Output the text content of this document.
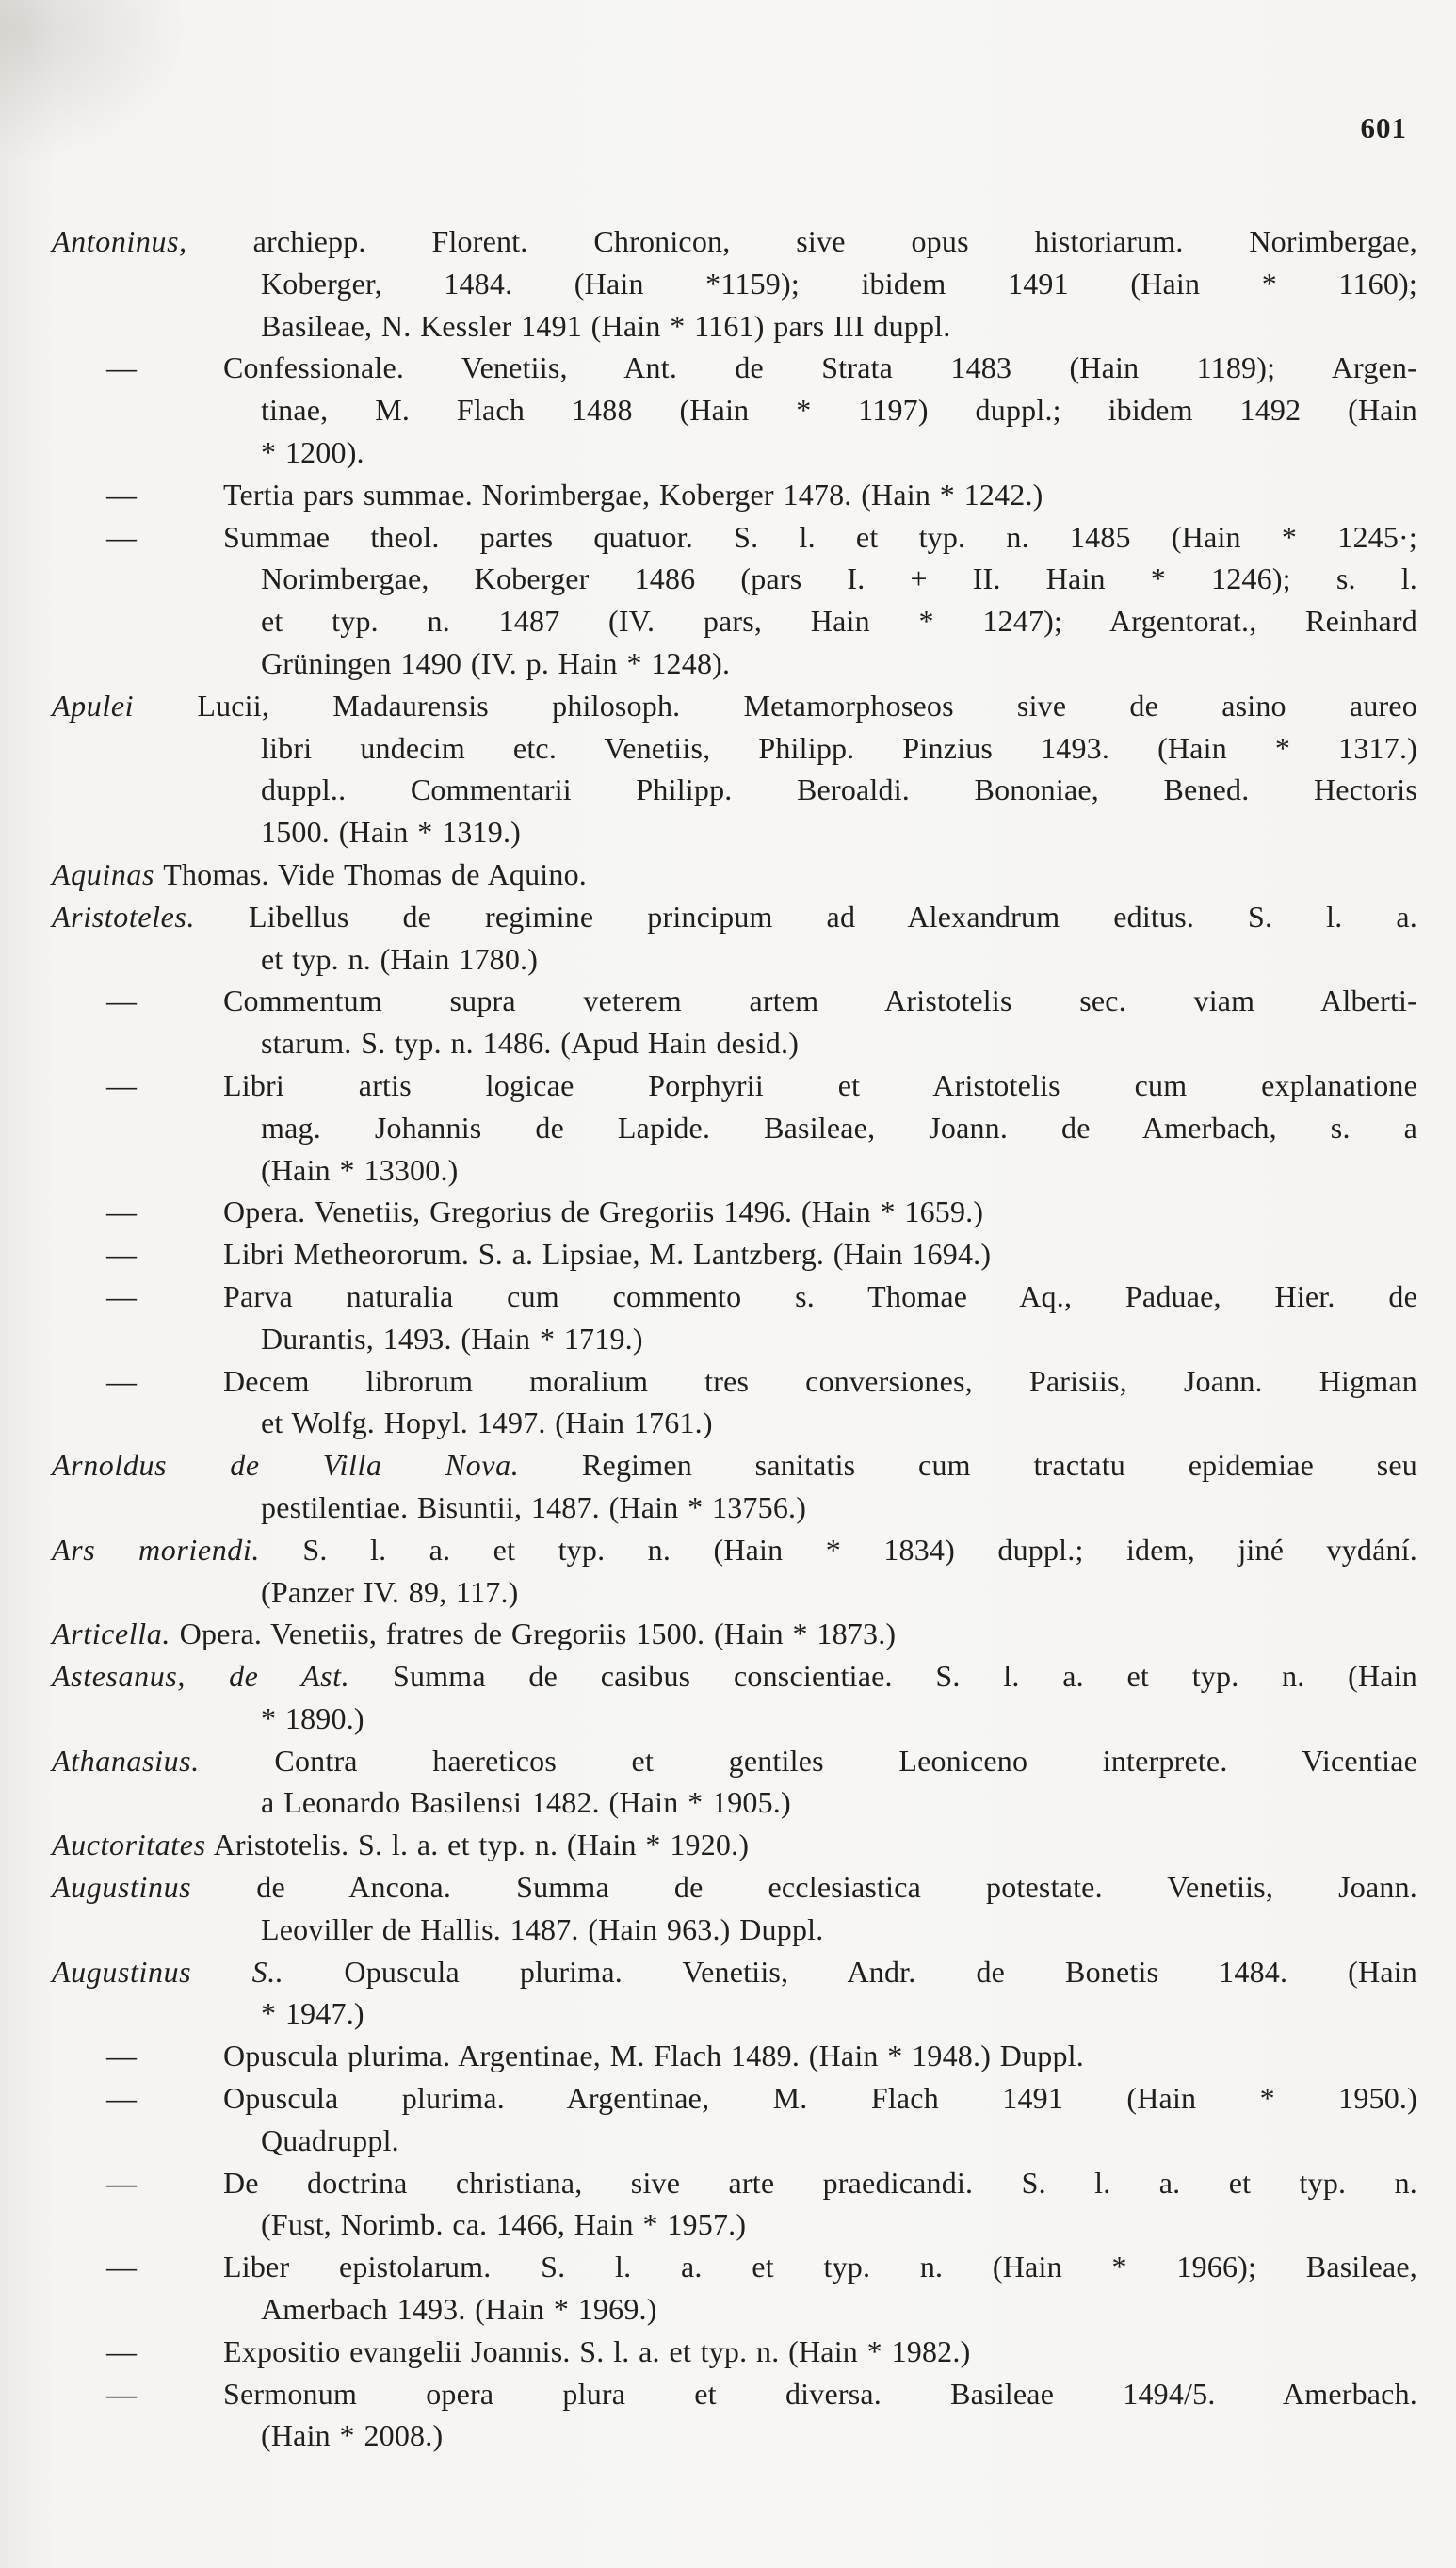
601
Antoninus, archiepp. Florent. Chronicon, sive opus historiarum. Norimbergae,
Koberger, 1484. (Hain *1159); ibidem 1491 (Hain * 1160);
Basileae, N. Kessler 1491 (Hain * 1161) pars III duppl.
—	Confessionale. Venetiis, Ant. de Strata 1483 (Hain 1189); Argen-
tinae, M. Flach 1488 (Hain * 1197) duppl.; ibidem 1492 (Hain
* 1200).
—	Tertia pars summae. Norimbergae, Koberger 1478. (Hain * 1242.)
—	Summae theol. partes quatuor. S. l. et typ. n. 1485 (Hain * 1245·;
Norimbergae, Koberger 1486 (pars I. + II. Hain * 1246); s. l.
et typ. n. 1487 (IV. pars, Hain * 1247); Argentorat., Reinhard
Grüningen 1490 (IV. p. Hain * 1248).
Apulei Lucii, Madaurensis philosoph. Metamorphoseos sive de asino aureo
libri undecim etc. Venetiis, Philipp. Pinzius 1493. (Hain * 1317.)
duppl.. Commentarii Philipp. Beroaldi. Bononiae, Bened. Hectoris
1500. (Hain * 1319.)
Aquinas Thomas. Vide Thomas de Aquino.
Aristoteles. Libellus de regimine principum ad Alexandrum editus. S. l. a.
et typ. n. (Hain 1780.)
—	Commentum supra veterem artem Aristotelis sec. viam Alberti-
starum. S. typ. n. 1486. (Apud Hain desid.)
—	Libri artis logicae Porphyrii et Aristotelis cum explanatione
mag. Johannis de Lapide. Basileae, Joann. de Amerbach, s. a
(Hain * 13300.)
—	Opera. Venetiis, Gregorius de Gregoriis 1496. (Hain * 1659.)
—	Libri Metheororum. S. a. Lipsiae, M. Lantzberg. (Hain 1694.)
—	Parva naturalia cum commento s. Thomae Aq., Paduae, Hier. de
Durantis, 1493. (Hain * 1719.)
—	Decem librorum moralium tres conversiones, Parisiis, Joann. Higman
et Wolfg. Hopyl. 1497. (Hain 1761.)
Arnoldus de Villa Nova. Regimen sanitatis cum tractatu epidemiae seu
pestilentiae. Bisuntii, 1487. (Hain * 13756.)
Ars moriendi. S. l. a. et typ. n. (Hain * 1834) duppl.; idem, jiné vydání.
(Panzer IV. 89, 117.)
Articella. Opera. Venetiis, fratres de Gregoriis 1500. (Hain * 1873.)
Astesanus, de Ast. Summa de casibus conscientiae. S. l. a. et typ. n. (Hain
* 1890.)
Athanasius. Contra haereticos et gentiles Leoniceno interprete. Vicentiae
a Leonardo Basilensi 1482. (Hain * 1905.)
Auctoritates Aristotelis. S. l. a. et typ. n. (Hain * 1920.)
Augustinus de Ancona. Summa de ecclesiastica potestate. Venetiis, Joann.
Leoviller de Hallis. 1487. (Hain 963.) Duppl.
Augustinus S.. Opuscula plurima. Venetiis, Andr. de Bonetis 1484. (Hain
* 1947.)
—	Opuscula plurima. Argentinae, M. Flach 1489. (Hain * 1948.) Duppl.
—	Opuscula plurima. Argentinae, M. Flach 1491 (Hain * 1950.)
Quadruppl.
—	De doctrina christiana, sive arte praedicandi. S. l. a. et typ. n.
(Fust, Norimb. ca. 1466, Hain * 1957.)
—	Liber epistolarum. S. l. a. et typ. n. (Hain * 1966); Basileae,
Amerbach 1493. (Hain * 1969.)
—	Expositio evangelii Joannis. S. l. a. et typ. n. (Hain * 1982.)
—	Sermonum opera plura et diversa. Basileae 1494/5. Amerbach.
(Hain * 2008.)
